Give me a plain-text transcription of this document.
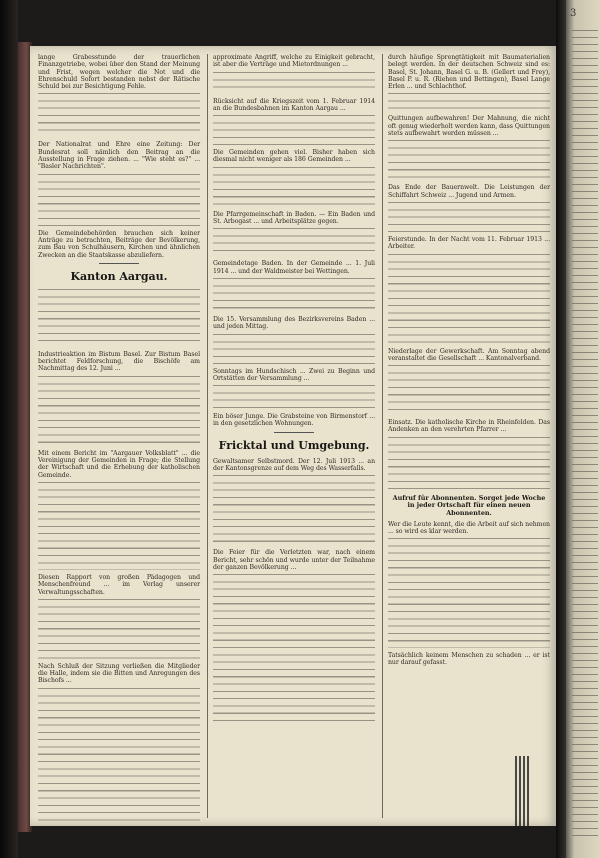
lange Grabesstunde der trauerlichen Finanzgetriebe, wobei über den Stand der Meinung und Frist, wegen welcher die Not und die Ehrenschuld Sofort bestanden nebst der Rätische Schuld bei zur Besichtigung Fehle.

Der Nationalrat und Ehre eine Zeitung: Der Bundesrat soll nämlich den Beitrag an die Ausstellung in Frage ziehen. ... "Wie steht es?" ... "Basler Nachrichten".

Die Gemeindebehörden brauchen sich keiner Anträge zu betrachten, Beiträge der Bevölkerung, zum Bau von Schulhäusern, Kirchen und ähnlichen Zwecken an die Staatskasse abzuliefern.

Kanton Aargau.

Industrieaktion im Bistum Basel. Zur Bistum Basel berichtet Feldforschung, die Bischöfe am Nachmittag des 12. Juni ...

Mit einem Bericht im "Aargauer Volksblatt" ... die Vereinigung der Gemeinden in Frage; die Stellung der Wirtschaft und die Erhebung der katholischen Gemeinde.

Diesen Rapport von großen Pädagogen und Menschenfreund ... im Verlag unserer Verwaltungsschaften.

Nach Schluß der Sitzung verließen die Mitglieder die Halle, indem sie die Bitten und Anregungen des Bischofs ...

approximate Angriff, welche zu Einigkeit gebracht, ist aber die Verträge und Mietordnungen ...

Rücksicht auf die Kriegszeit vom 1. Februar 1914 an die Bundesbahnen im Kanton Aargau ...

Die Gemeinden gehen viel. Bisher haben sich diesmal nicht weniger als 186 Gemeinden ...

Die Pfarrgemeinschaft in Baden. — Ein Baden und St. Arbogast ... und Arbeitsplätze gegen.

Gemeindetage Baden. In der Gemeinde ... 1. Juli 1914 ... und der Waldmeister bei Wettingen.

Die 15. Versammlung des Bezirksvereins Baden ... und jeden Mittag.

Sonntags im Hundschisch ... Zwei zu Beginn und Ortstätten der Versammlung ...

Ein böser Junge. Die Grabsteine von Birmenstorf ... in den gesetzlichen Wohnungen.

Fricktal und Umgebung.

Gewaltsamer Selbstmord. Der 12. Juli 1913 ... an der Kantonsgrenze auf dem Weg des Wasserfalls.

Die Feier für die Verletzten war, nach einem Bericht, sehr schön und wurde unter der Teilnahme der ganzen Bevölkerung ...

durch häufige Sprengtätigkeit mit Baumaterialien belegt werden. In der deutschen Schweiz sind es: Basel, St. Johann, Basel G. u. B. (Gellert und Frey), Basel P. u. R. (Riehen und Bettingen), Basel Lange Erlen ... und Schlachthof.

Quittungen aufbewahren! Der Mahnung, die nicht oft genug wiederholt werden kann, dass Quittungen stets aufbewahrt werden müssen ...

Das Ende der Bauernwelt. Die Leistungen der Schiffahrt Schweiz ... Jugend und Armen.

Feierstunde. In der Nacht vom 11. Februar 1913 ... Arbeiter.

Niederlage der Gewerkschaft. Am Sonntag abend veranstaltet die Gesellschaft ... Kantonalverband.

Einsatz. Die katholische Kirche in Rheinfelden. Das Andenken an den verehrten Pfarrer ...

Aufruf für Abonnenten. Sorget jede Woche in jeder Ortschaft für einen neuen Abonnenten.

Wer die Leute kennt, die die Arbeit auf sich nehmen ... so wird es klar werden.

Tatsächlich keinem Menschen zu schaden ... er ist nur darauf gefasst.

3
